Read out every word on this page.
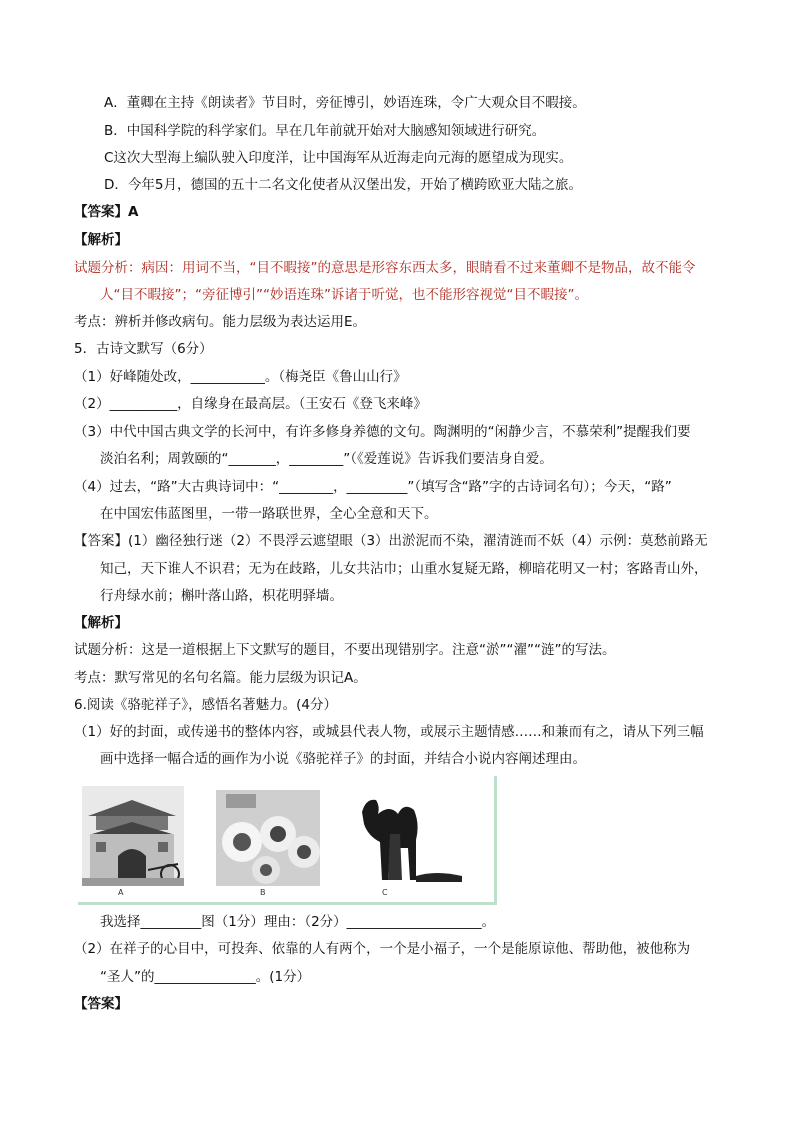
A．董卿在主持《朗读者》节目时，旁征博引，妙语连珠，令广大观众目不暇接。
B．中国科学院的科学家们。早在几年前就开始对大脑感知领域进行研究。
C这次大型海上编队驶入印度洋，让中国海军从近海走向元海的愿望成为现实。
D．今年5月，德国的五十二名文化使者从汉堡出发，开始了横跨欧亚大陆之旅。
【答案】A
【解析】
试题分析：病因：用词不当，“目不暇接”的意思是形容东西太多，眼睛看不过来董卿不是物品，故不能令
人“目不暇接”；“旁征博引”“妙语连珠”诉诸于听觉，也不能形容视觉“目不暇接”。
考点：辨析并修改病句。能力层级为表达运用E。
5．古诗文默写（6分）
（1）好峰随处改，___________。（梅尧臣《鲁山山行》
（2）__________，自缘身在最高层。（王安石《登飞来峰》
（3）中代中国古典文学的长河中，有许多修身养德的文句。陶渊明的“闲静少言，不慕荣利”提醒我们要
淡泊名利；周敦颐的“_______，________”（《爱莲说》告诉我们要洁身自爱。
（4）过去，“路”大古典诗词中：“________，_________”（填写含“路”字的古诗词名句）；今天，“路”
在中国宏伟蓝图里，一带一路联世界，全心全意和天下。
【答案】(1）幽径独行迷（2）不畏浮云遮望眼（3）出淤泥而不染，濯清涟而不妖（4）示例：莫愁前路无
知己，天下谁人不识君；无为在歧路，儿女共沾巾；山重水复疑无路，柳暗花明又一村；客路青山外，
行舟绿水前；槲叶落山路，枳花明驿墙。
【解析】
试题分析：这是一道根据上下文默写的题目，不要出现错别字。注意“淤”“濯”“涟”的写法。
考点：默写常见的名句名篇。能力层级为识记A。
6.阅读《骆驼祥子》，感悟名著魅力。(4分）
（1）好的封面，或传递书的整体内容，或城县代表人物，或展示主题情感……和兼而有之，请从下列三幅
画中选择一幅合适的画作为小说《骆驼祥子》的封面，并结合小说内容阐述理由。
A	B	C
我选择_________图（1分）理由：（2分）____________________。
（2）在祥子的心目中，可投奔、依靠的人有两个，一个是小福子，一个是能原谅他、帮助他，被他称为
“圣人”的_______________。(1分）
【答案】
